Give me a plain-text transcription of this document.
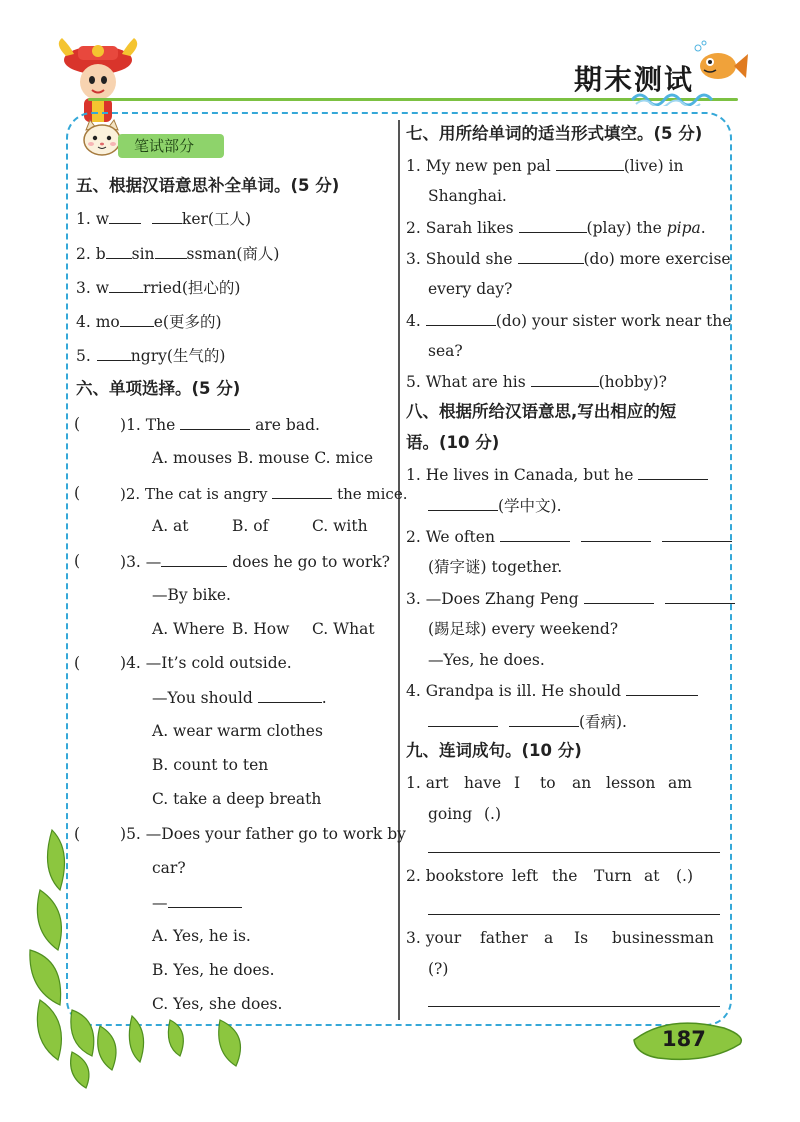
期末测试
笔试部分
五、根据汉语意思补全单词。(5 分)
1. w	ker(工人)
2. b sin ssman(商人)
3. w rried(担心的)
4. mo e(更多的)
5.	ngry(生气的)
六、单项选择。(5 分)
(	)1. The	are bad.
A. mouses B. mouse C. mice
(	)2. The cat is angry	the mice.
A. at	B. of	C. with
(	)3. —	does he go to work?
—By bike.
A. Where B. How C. What
(	)4. —It’s cold outside.
—You should	.
A. wear warm clothes
B. count to ten
C. take a deep breath
(	)5. —Does your father go to work by
car?
—
A. Yes, he is.
B. Yes, he does.
C. Yes, she does.
七、用所给单词的适当形式填空。(5 分)
1. My new pen pal	(live) in
Shanghai.
2. Sarah likes	(play) the pipa.
3. Should she	(do) more exercise
every day?
4.	(do) your sister work near the
sea?
5. What are his	(hobby)?
八、根据所给汉语意思,写出相应的短
语。(10 分)
1. He lives in Canada, but he
(学中文).
2. We often
(猜字谜) together.
3. —Does Zhang Peng
(踢足球) every weekend?
—Yes, he does.
4. Grandpa is ill. He should
(看病).
九、连词成句。(10 分)
1. art have I to an lesson am
going (.)
2. bookstore left the Turn at (.)
3. your father a Is businessman
(?)
187
